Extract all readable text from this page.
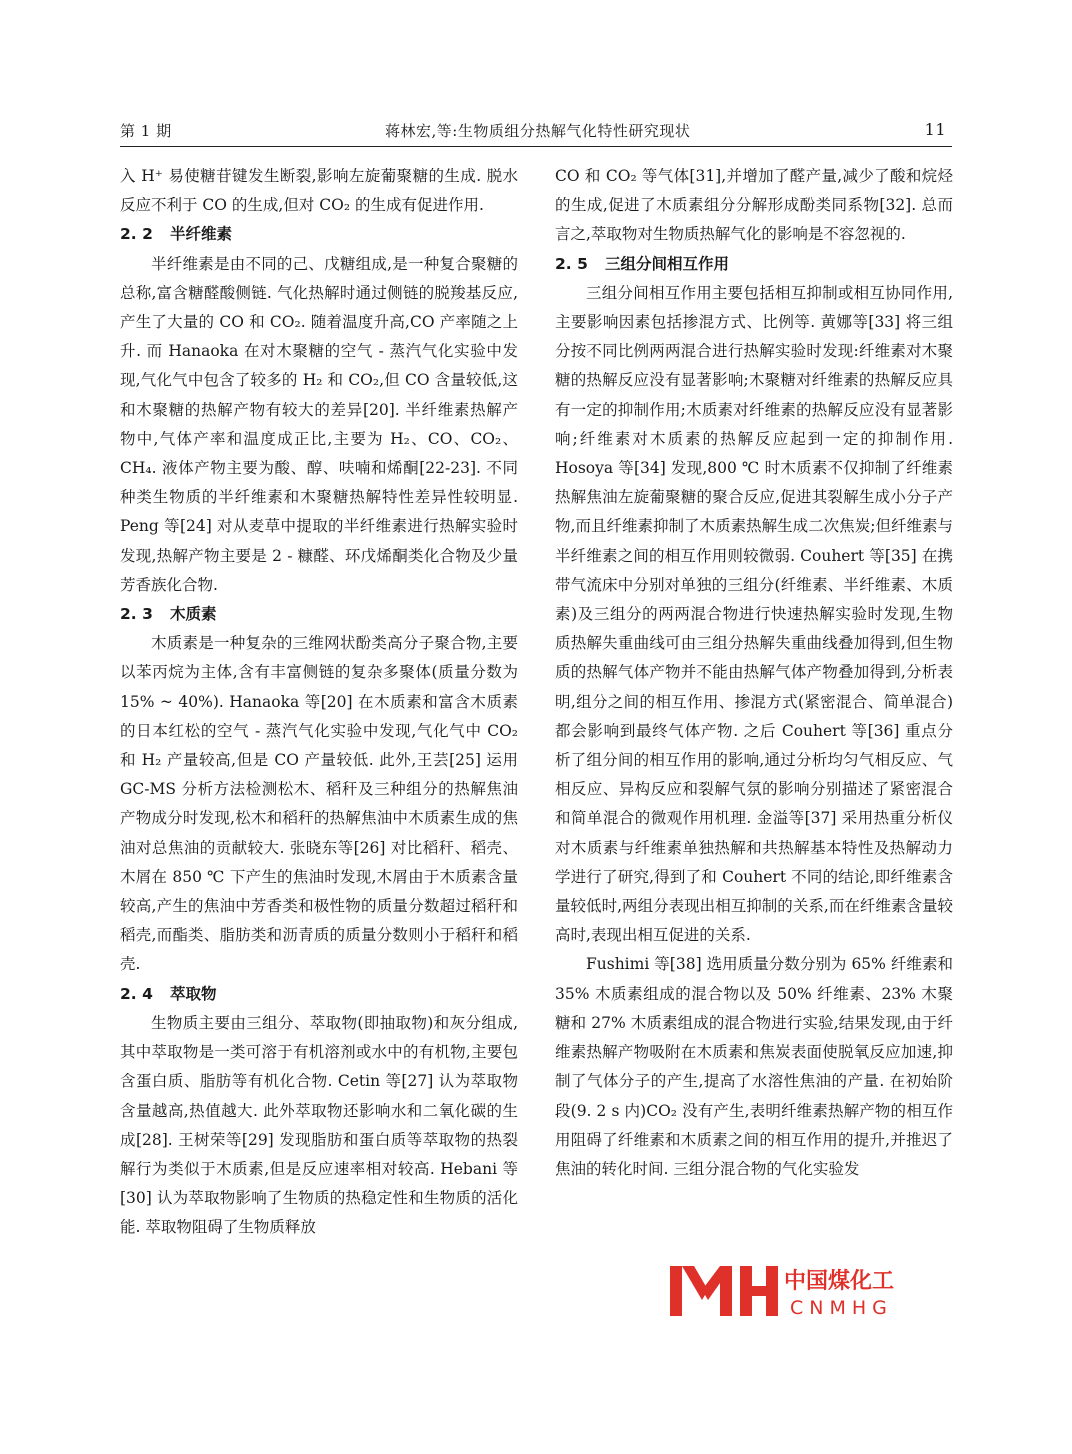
第 1 期	蒋林宏,等:生物质组分热解气化特性研究现状	11

入 H⁺ 易使糖苷键发生断裂,影响左旋葡聚糖的生成. 脱水反应不利于 CO 的生成,但对 CO₂ 的生成有促进作用.

2. 2 半纤维素

半纤维素是由不同的己、戊糖组成,是一种复合聚糖的总称,富含糖醛酸侧链. 气化热解时通过侧链的脱羧基反应,产生了大量的 CO 和 CO₂. 随着温度升高,CO 产率随之上升. 而 Hanaoka 在对木聚糖的空气 - 蒸汽气化实验中发现,气化气中包含了较多的 H₂ 和 CO₂,但 CO 含量较低,这和木聚糖的热解产物有较大的差异[20]. 半纤维素热解产物中,气体产率和温度成正比,主要为 H₂、CO、CO₂、CH₄. 液体产物主要为酸、醇、呋喃和烯酮[22-23]. 不同种类生物质的半纤维素和木聚糖热解特性差异性较明显. Peng 等[24] 对从麦草中提取的半纤维素进行热解实验时发现,热解产物主要是 2 - 糠醛、环戊烯酮类化合物及少量芳香族化合物.

2. 3 木质素

木质素是一种复杂的三维网状酚类高分子聚合物,主要以苯丙烷为主体,含有丰富侧链的复杂多聚体(质量分数为 15% ~ 40%). Hanaoka 等[20] 在木质素和富含木质素的日本红松的空气 - 蒸汽气化实验中发现,气化气中 CO₂ 和 H₂ 产量较高,但是 CO 产量较低. 此外,王芸[25] 运用 GC-MS 分析方法检测松木、稻秆及三种组分的热解焦油产物成分时发现,松木和稻秆的热解焦油中木质素生成的焦油对总焦油的贡献较大. 张晓东等[26] 对比稻秆、稻壳、木屑在 850 ℃ 下产生的焦油时发现,木屑由于木质素含量较高,产生的焦油中芳香类和极性物的质量分数超过稻秆和稻壳,而酯类、脂肪类和沥青质的质量分数则小于稻秆和稻壳.

2. 4 萃取物

生物质主要由三组分、萃取物(即抽取物)和灰分组成,其中萃取物是一类可溶于有机溶剂或水中的有机物,主要包含蛋白质、脂肪等有机化合物. Cetin 等[27] 认为萃取物含量越高,热值越大. 此外萃取物还影响水和二氧化碳的生成[28]. 王树荣等[29] 发现脂肪和蛋白质等萃取物的热裂解行为类似于木质素,但是反应速率相对较高. Hebani 等[30] 认为萃取物影响了生物质的热稳定性和生物质的活化能. 萃取物阻碍了生物质释放

CO 和 CO₂ 等气体[31],并增加了醛产量,减少了酸和烷烃的生成,促进了木质素组分分解形成酚类同系物[32]. 总而言之,萃取物对生物质热解气化的影响是不容忽视的.

2. 5 三组分间相互作用

三组分间相互作用主要包括相互抑制或相互协同作用,主要影响因素包括掺混方式、比例等. 黄娜等[33] 将三组分按不同比例两两混合进行热解实验时发现:纤维素对木聚糖的热解反应没有显著影响;木聚糖对纤维素的热解反应具有一定的抑制作用;木质素对纤维素的热解反应没有显著影响;纤维素对木质素的热解反应起到一定的抑制作用. Hosoya 等[34] 发现,800 ℃ 时木质素不仅抑制了纤维素热解焦油左旋葡聚糖的聚合反应,促进其裂解生成小分子产物,而且纤维素抑制了木质素热解生成二次焦炭;但纤维素与半纤维素之间的相互作用则较微弱. Couhert 等[35] 在携带气流床中分别对单独的三组分(纤维素、半纤维素、木质素)及三组分的两两混合物进行快速热解实验时发现,生物质热解失重曲线可由三组分热解失重曲线叠加得到,但生物质的热解气体产物并不能由热解气体产物叠加得到,分析表明,组分之间的相互作用、掺混方式(紧密混合、简单混合)都会影响到最终气体产物. 之后 Couhert 等[36] 重点分析了组分间的相互作用的影响,通过分析均匀气相反应、气相反应、异构反应和裂解气氛的影响分别描述了紧密混合和简单混合的微观作用机理. 金溢等[37] 采用热重分析仪对木质素与纤维素单独热解和共热解基本特性及热解动力学进行了研究,得到了和 Couhert 不同的结论,即纤维素含量较低时,两组分表现出相互抑制的关系,而在纤维素含量较高时,表现出相互促进的关系.

Fushimi 等[38] 选用质量分数分别为 65% 纤维素和 35% 木质素组成的混合物以及 50% 纤维素、23% 木聚糖和 27% 木质素组成的混合物进行实验,结果发现,由于纤维素热解产物吸附在木质素和焦炭表面使脱氧反应加速,抑制了气体分子的产生,提高了水溶性焦油的产量. 在初始阶段(9. 2 s 内)CO₂ 没有产生,表明纤维素热解产物的相互作用阻碍了纤维素和木质素之间的相互作用的提升,并推迟了焦油的转化时间. 三组分混合物的气化实验发

中国煤化工
CNMHG
